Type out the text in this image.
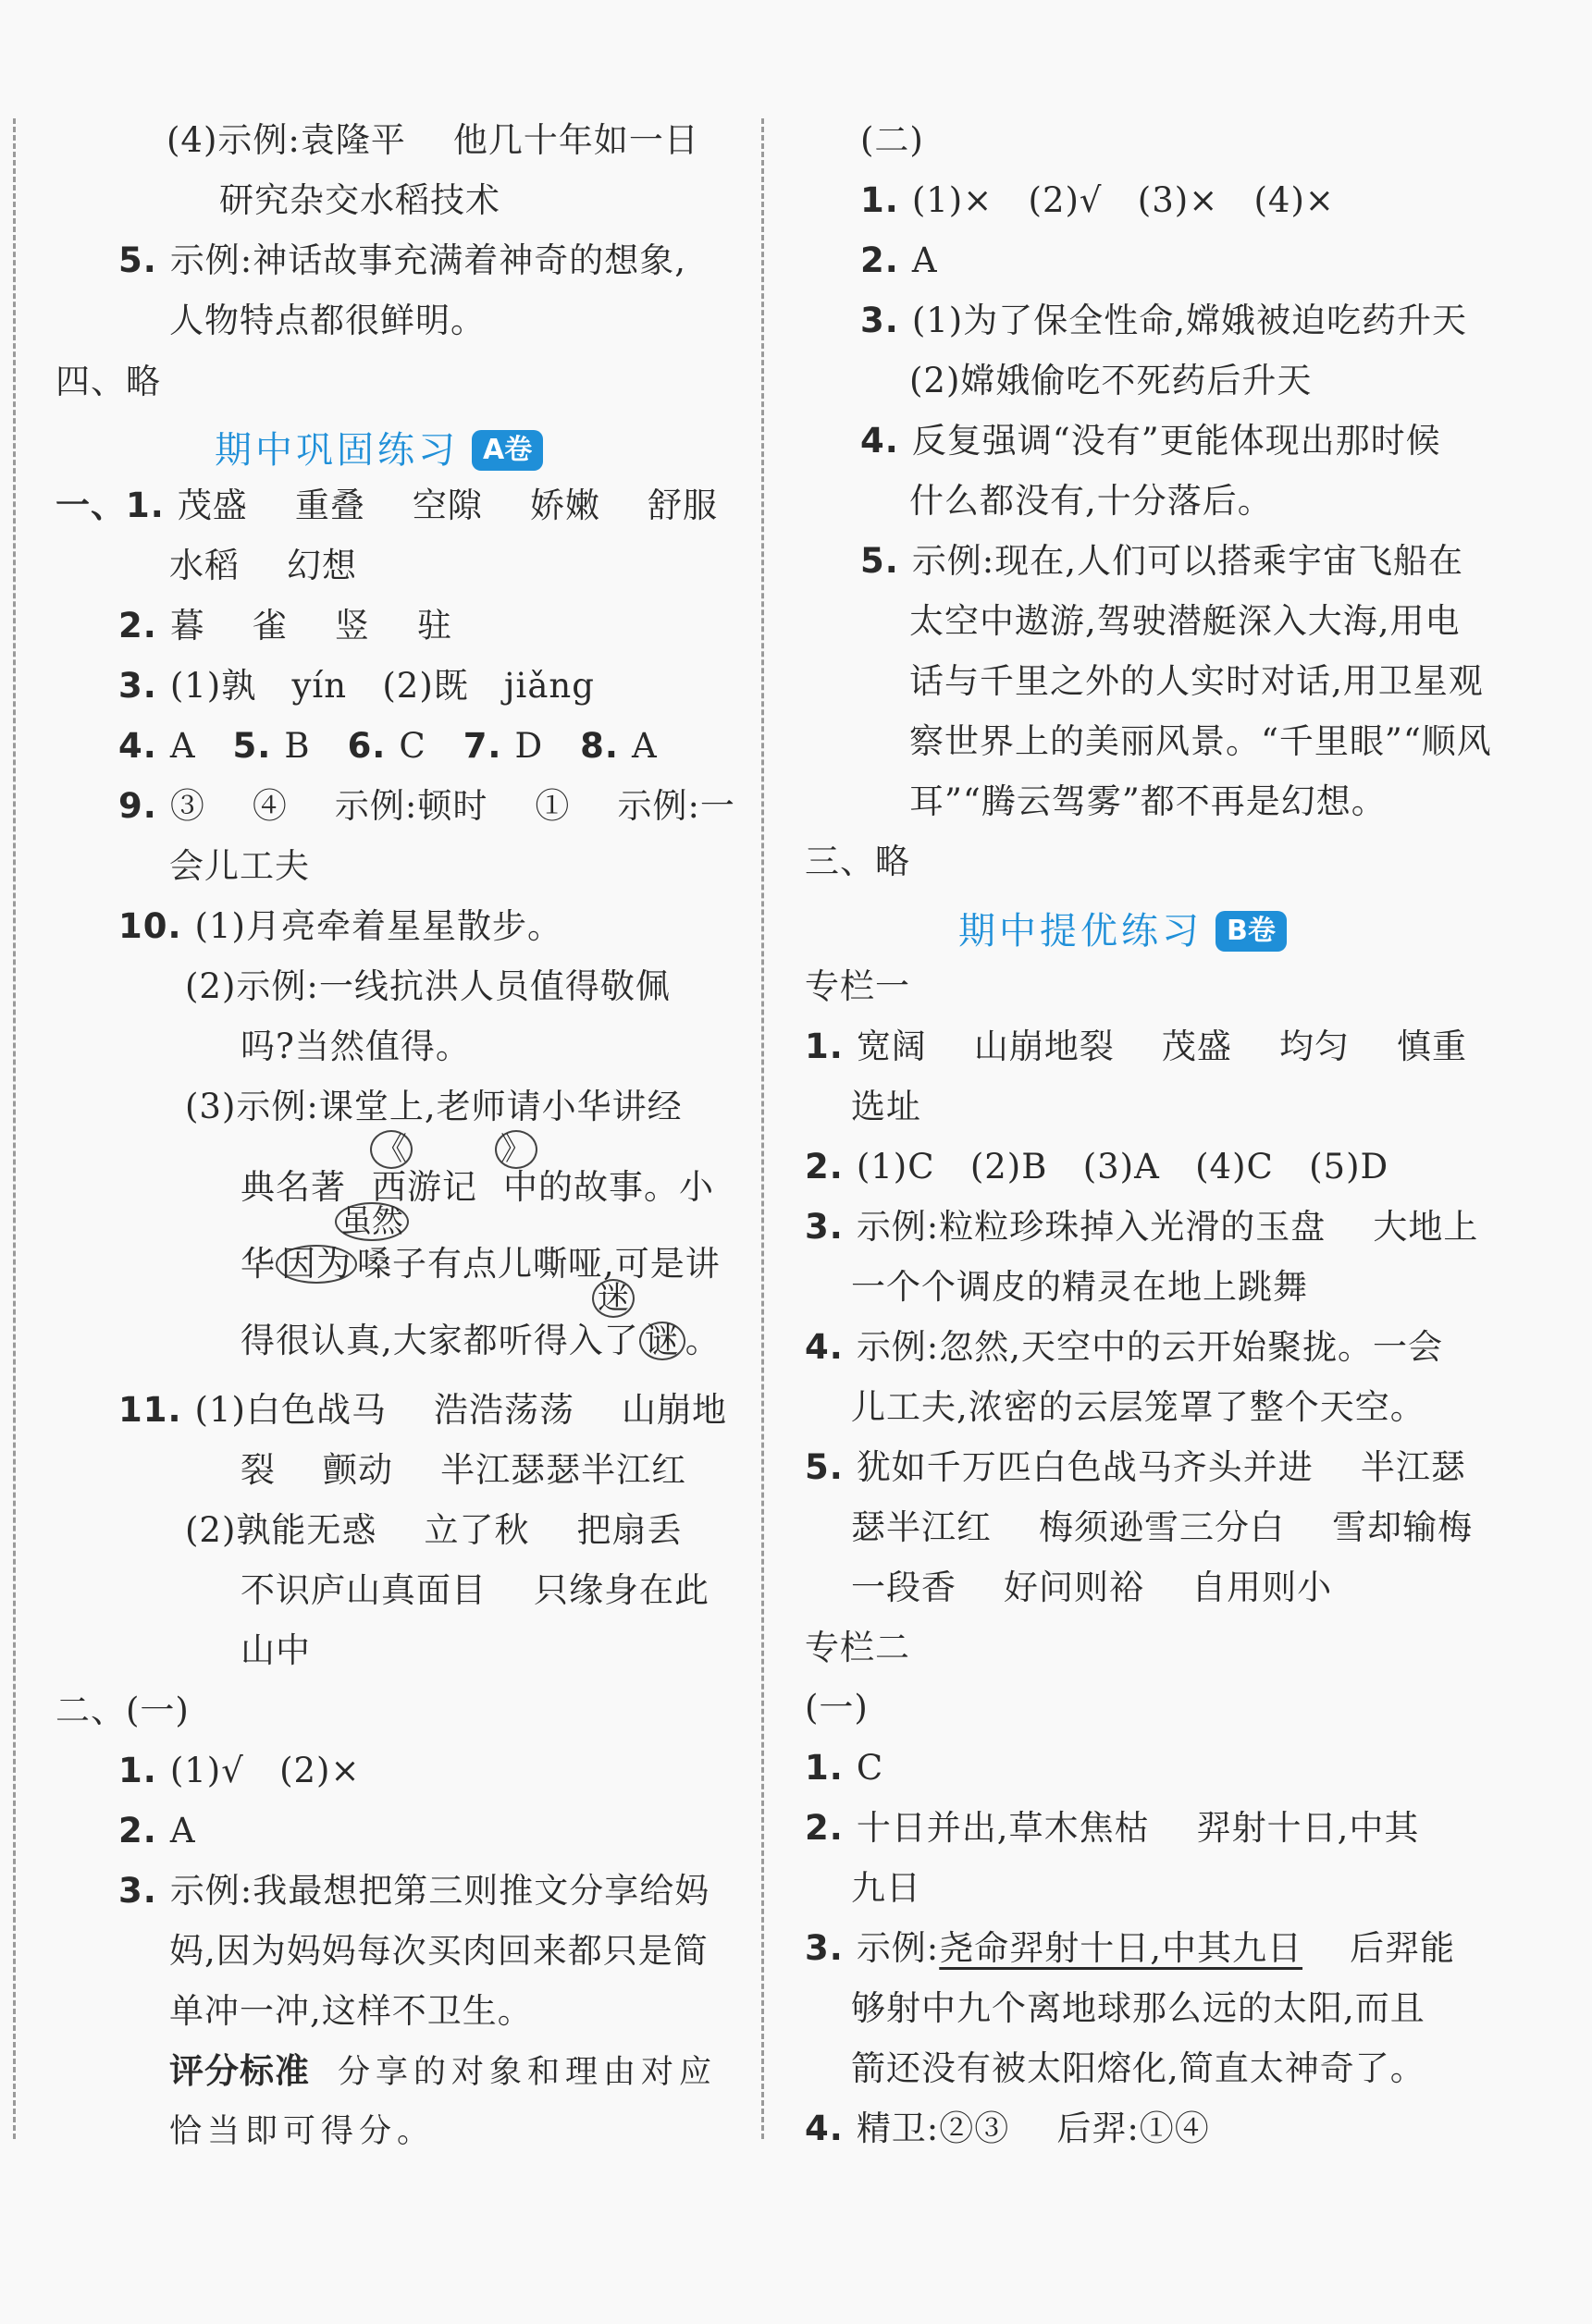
(4)示例:袁隆平    他几十年如一日
研究杂交水稻技术
5. 示例:神话故事充满着神奇的想象,
人物特点都很鲜明。
四、略
期中巩固练习 A卷
一、1. 茂盛    重叠    空隙    娇嫩    舒服
水稻    幻想
2. 暮    雀    竖    驻
3. (1)孰   yín   (2)既   jiǎng
4. A 5. B 6. C 7. D 8. A
9. ③    ④    示例:顿时    ①    示例:一
会儿工夫
10. (1)月亮牵着星星散步。
(2)示例:一线抗洪人员值得敬佩
吗?当然值得。
(3)示例:课堂上,老师请小华讲经
《	》
典名著 西游记 中的故事。小
虽然
华 因为 嗓子有点儿嘶哑,可是讲
迷
得很认真,大家都听得入了 谜 。
11. (1)白色战马    浩浩荡荡    山崩地
裂    颤动    半江瑟瑟半江红
(2)孰能无惑    立了秋    把扇丢
不识庐山真面目    只缘身在此
山中
二、(一)
1. (1)√   (2)×
2. A
3. 示例:我最想把第三则推文分享给妈
妈,因为妈妈每次买肉回来都只是简
单冲一冲,这样不卫生。
评分标准 分享的对象和理由对应
恰当即可得分。
(二)
1. (1)×   (2)√   (3)×   (4)×
2. A
3. (1)为了保全性命,嫦娥被迫吃药升天
(2)嫦娥偷吃不死药后升天
4. 反复强调“没有”更能体现出那时候
什么都没有,十分落后。
5. 示例:现在,人们可以搭乘宇宙飞船在
太空中遨游,驾驶潜艇深入大海,用电
话与千里之外的人实时对话,用卫星观
察世界上的美丽风景。“千里眼”“顺风
耳”“腾云驾雾”都不再是幻想。
三、略
期中提优练习 B卷
专栏一
1. 宽阔    山崩地裂    茂盛    均匀    慎重
选址
2. (1)C   (2)B   (3)A   (4)C   (5)D
3. 示例:粒粒珍珠掉入光滑的玉盘    大地上
一个个调皮的精灵在地上跳舞
4. 示例:忽然,天空中的云开始聚拢。一会
儿工夫,浓密的云层笼罩了整个天空。
5. 犹如千万匹白色战马齐头并进    半江瑟
瑟半江红    梅须逊雪三分白    雪却输梅
一段香    好问则裕    自用则小
专栏二
(一)
1. C
2. 十日并出,草木焦枯    羿射十日,中其
九日
3. 示例:尧命羿射十日,中其九日    后羿能
够射中九个离地球那么远的太阳,而且
箭还没有被太阳熔化,简直太神奇了。
4. 精卫:②③    后羿:①④
